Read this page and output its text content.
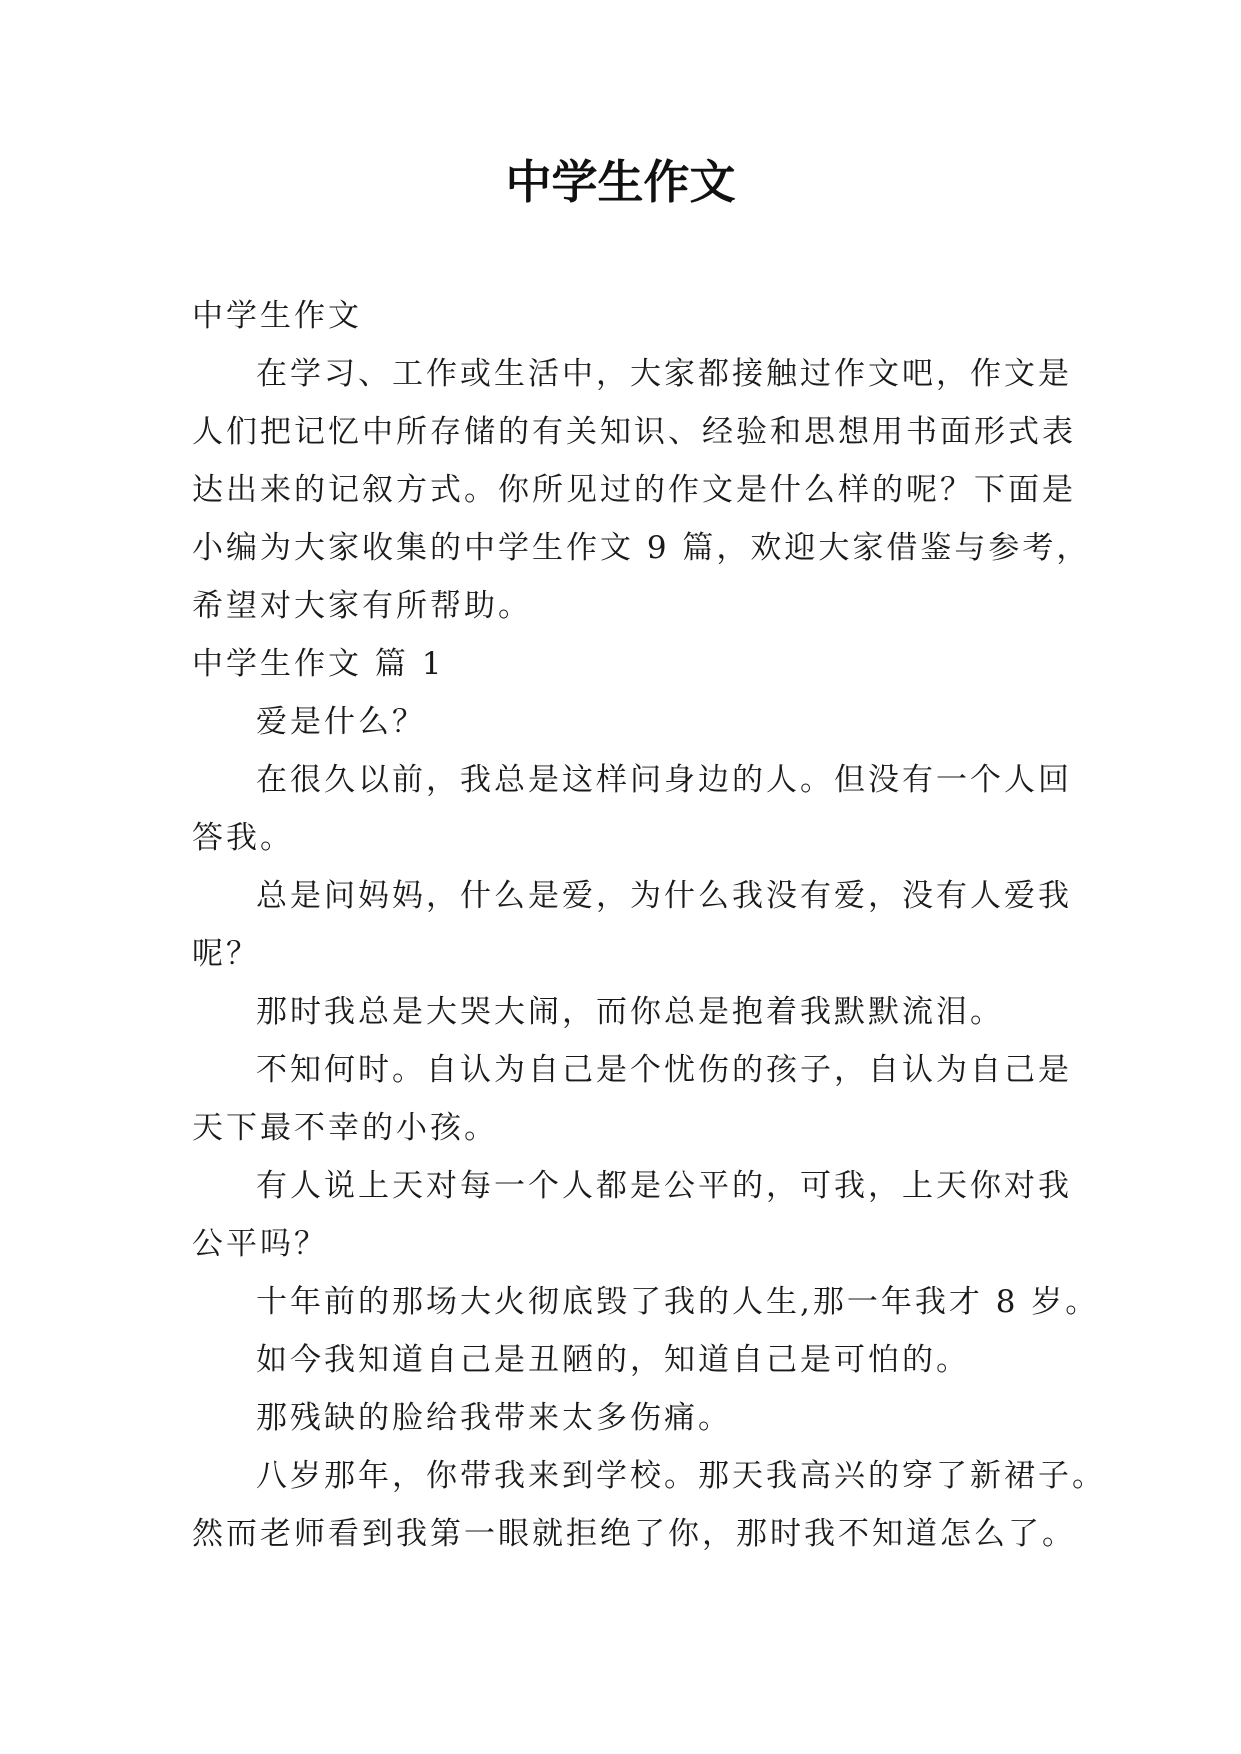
中学生作文
中学生作文
在学习、工作或生活中，大家都接触过作文吧，作文是
人们把记忆中所存储的有关知识、经验和思想用书面形式表
达出来的记叙方式。你所见过的作文是什么样的呢？下面是
小编为大家收集的中学生作文 9 篇，欢迎大家借鉴与参考，
希望对大家有所帮助。
中学生作文 篇 1
爱是什么？
在很久以前，我总是这样问身边的人。但没有一个人回
答我。
总是问妈妈，什么是爱，为什么我没有爱，没有人爱我
呢？
那时我总是大哭大闹，而你总是抱着我默默流泪。
不知何时。自认为自己是个忧伤的孩子，自认为自己是
天下最不幸的小孩。
有人说上天对每一个人都是公平的，可我，上天你对我
公平吗？
十年前的那场大火彻底毁了我的人生,那一年我才 8 岁。
如今我知道自己是丑陋的，知道自己是可怕的。
那残缺的脸给我带来太多伤痛。
八岁那年，你带我来到学校。那天我高兴的穿了新裙子。
然而老师看到我第一眼就拒绝了你，那时我不知道怎么了。
